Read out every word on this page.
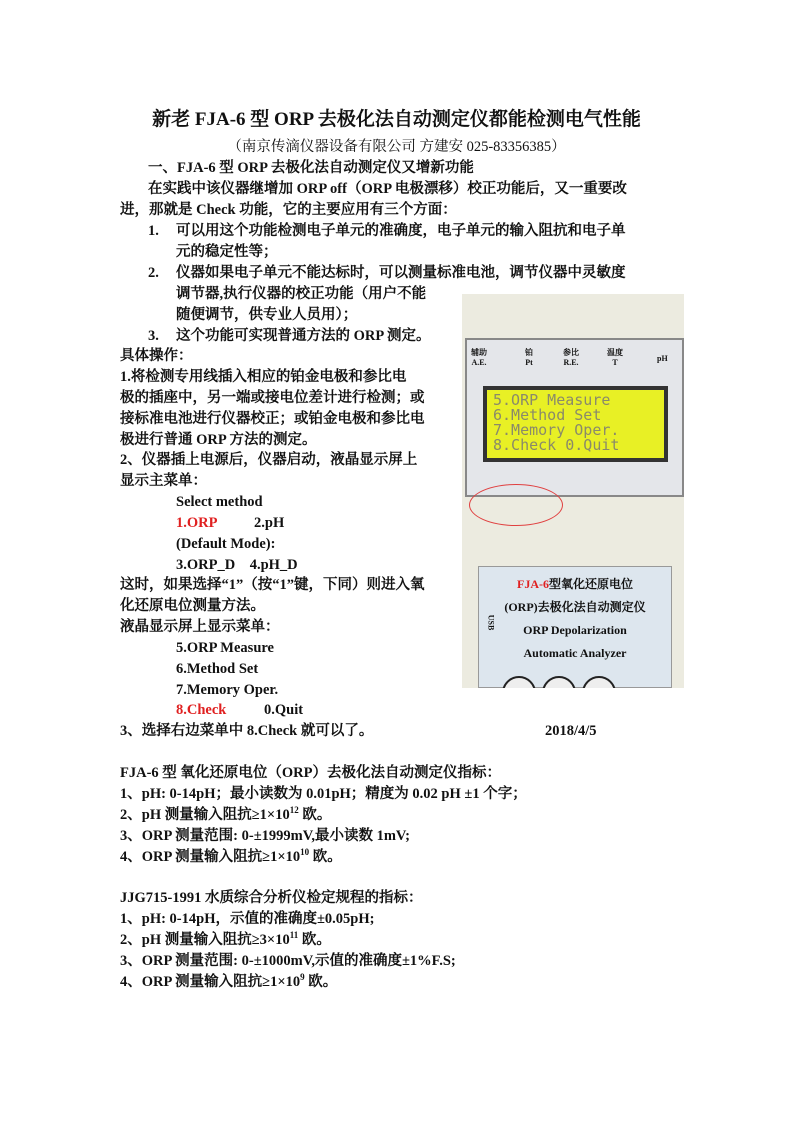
新老 FJA-6 型 ORP 去极化法自动测定仪都能检测电气性能
（南京传滴仪器设备有限公司 方建安 025-83356385）
一、FJA-6 型 ORP 去极化法自动测定仪又增新功能
在实践中该仪器继增加 ORP off（ORP 电极漂移）校正功能后，又一重要改
进，那就是 Check 功能，它的主要应用有三个方面：
1. 可以用这个功能检测电子单元的准确度，电子单元的输入阻抗和电子单
元的稳定性等；
2. 仪器如果电子单元不能达标时，可以测量标准电池，调节仪器中灵敏度
调节器,执行仪器的校正功能（用户不能
随便调节，供专业人员用）；
3. 这个功能可实现普通方法的 ORP 测定。
具体操作：
1.将检测专用线插入相应的铂金电极和参比电
极的插座中，另一端或接电位差计进行检测；或
接标准电池进行仪器校正；或铂金电极和参比电
极进行普通 ORP 方法的测定。
2、仪器插上电源后，仪器启动，液晶显示屏上
显示主菜单：
Select method
1.ORP	2.pH
(Default Mode):
3.ORP_D    4.pH_D
这时，如果选择“1”（按“1”键，下同）则进入氧
化还原电位测量方法。
液晶显示屏上显示菜单：
5.ORP Measure
6.Method Set
7.Memory Oper.
8.Check	0.Quit
3、选择右边菜单中 8.Check 就可以了。	2018/4/5
FJA-6 型 氧化还原电位（ORP）去极化法自动测定仪指标：
1、pH: 0-14pH；最小读数为 0.01pH；精度为 0.02 pH ±1 个字；
2、pH 测量输入阻抗$\ge 1\times 10^{12}$ 欧。
3、ORP 测量范围: 0-±1999mV,最小读数 1mV;
4、ORP 测量输入阻抗$\ge 1\times 10^{10}$ 欧。
JJG715-1991 水质综合分析仪检定规程的指标：
1、pH: 0-14pH，示值的准确度±0.05pH;
2、pH 测量输入阻抗$\ge 3\times 10^{11}$ 欧。
3、ORP 测量范围: 0-±1000mV,示值的准确度±1%F.S;
4、ORP 测量输入阻抗$\ge 1\times 10^9$ 欧。
辅助
A.E.
铂
Pt
参比
R.E.
温度
T	pH
5.ORP Measure
6.Method Set
7.Memory Oper.
8.Check 0.Quit
USB
FJA-6型氧化还原电位
(ORP)去极化法自动测定仪
ORP Depolarization
Automatic Analyzer
